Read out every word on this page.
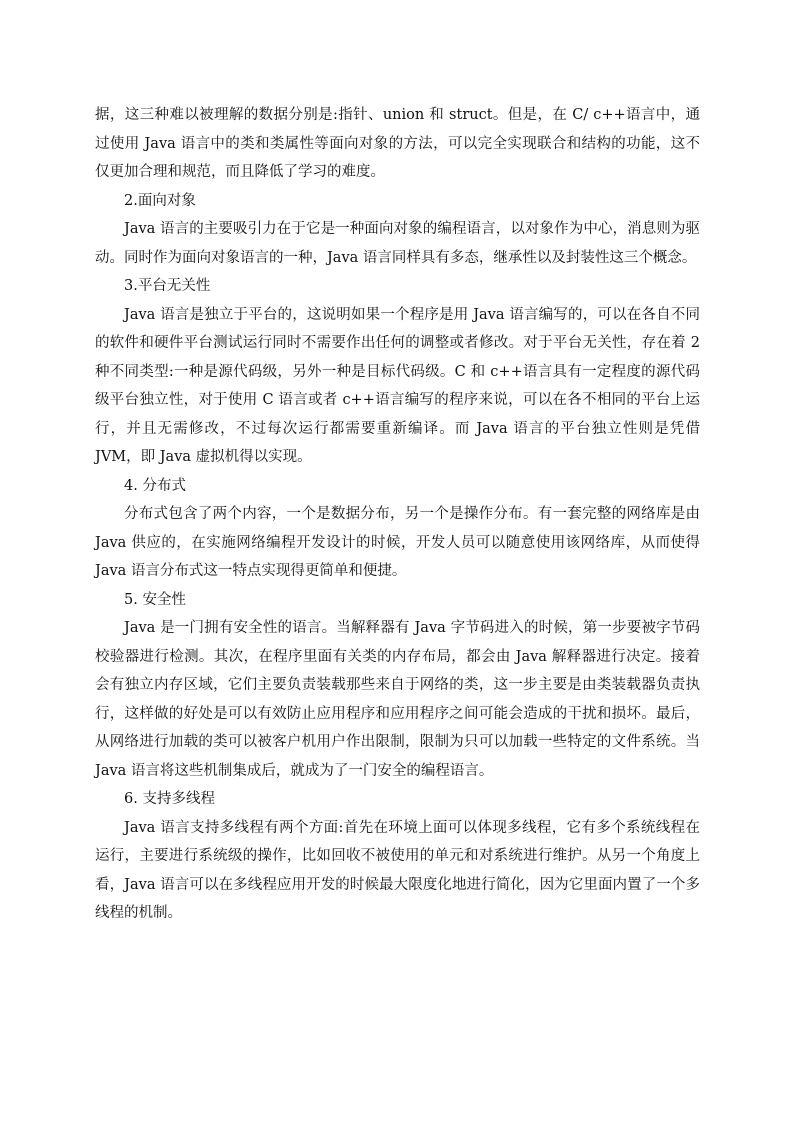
据，这三种难以被理解的数据分别是:指针、union 和 struct。但是，在 C/ c++语言中，通过使用 Java 语言中的类和类属性等面向对象的方法，可以完全实现联合和结构的功能，这不仅更加合理和规范，而且降低了学习的难度。

2.面向对象

Java 语言的主要吸引力在于它是一种面向对象的编程语言，以对象作为中心，消息则为驱动。同时作为面向对象语言的一种，Java 语言同样具有多态，继承性以及封装性这三个概念。

3.平台无关性

Java 语言是独立于平台的，这说明如果一个程序是用 Java 语言编写的，可以在各自不同的软件和硬件平台测试运行同时不需要作出任何的调整或者修改。对于平台无关性，存在着 2 种不同类型:一种是源代码级，另外一种是目标代码级。C 和 c++语言具有一定程度的源代码级平台独立性，对于使用 C 语言或者 c++语言编写的程序来说，可以在各不相同的平台上运行，并且无需修改，不过每次运行都需要重新编译。而 Java 语言的平台独立性则是凭借 JVM，即 Java 虚拟机得以实现。

4. 分布式

分布式包含了两个内容，一个是数据分布，另一个是操作分布。有一套完整的网络库是由 Java 供应的，在实施网络编程开发设计的时候，开发人员可以随意使用该网络库，从而使得 Java 语言分布式这一特点实现得更简单和便捷。

5. 安全性

Java 是一门拥有安全性的语言。当解释器有 Java 字节码进入的时候，第一步要被字节码校验器进行检测。其次，在程序里面有关类的内存布局，都会由 Java 解释器进行决定。接着会有独立内存区域，它们主要负责装载那些来自于网络的类，这一步主要是由类装载器负责执行，这样做的好处是可以有效防止应用程序和应用程序之间可能会造成的干扰和损坏。最后，从网络进行加载的类可以被客户机用户作出限制，限制为只可以加载一些特定的文件系统。当 Java 语言将这些机制集成后，就成为了一门安全的编程语言。

6. 支持多线程

Java 语言支持多线程有两个方面:首先在环境上面可以体现多线程，它有多个系统线程在运行，主要进行系统级的操作，比如回收不被使用的单元和对系统进行维护。从另一个角度上看，Java 语言可以在多线程应用开发的时候最大限度化地进行简化，因为它里面内置了一个多线程的机制。
